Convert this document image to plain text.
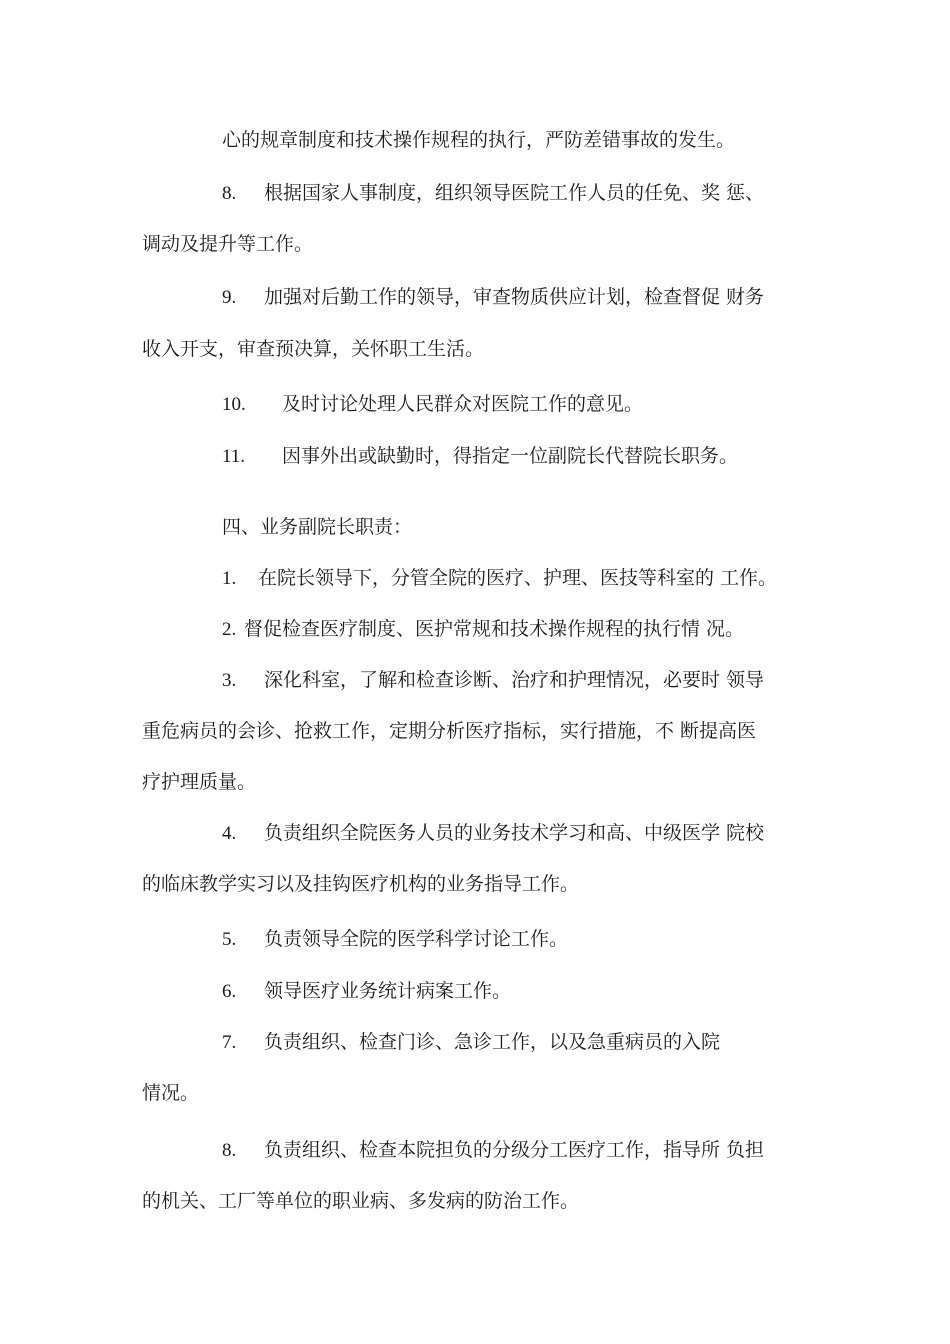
心的规章制度和技术操作规程的执行，严防差错事故的发生。
8. 根据国家人事制度，组织领导医院工作人员的任免、奖 惩、
调动及提升等工作。
9. 加强对后勤工作的领导，审查物质供应计划，检查督促 财务
收入开支，审查预决算，关怀职工生活。
10. 及时讨论处理人民群众对医院工作的意见。
11. 因事外出或缺勤时，得指定一位副院长代替院长职务。
四、业务副院长职责：
1. 在院长领导下，分管全院的医疗、护理、医技等科室的 工作。
2. 督促检查医疗制度、医护常规和技术操作规程的执行情 况。
3. 深化科室，了解和检查诊断、治疗和护理情况，必要时 领导
重危病员的会诊、抢救工作，定期分析医疗指标，实行措施，不 断提高医
疗护理质量。
4. 负责组织全院医务人员的业务技术学习和高、中级医学 院校
的临床教学实习以及挂钩医疗机构的业务指导工作。
5. 负责领导全院的医学科学讨论工作。
6. 领导医疗业务统计病案工作。
7. 负责组织、检查门诊、急诊工作，以及急重病员的入院
情况。
8. 负责组织、检查本院担负的分级分工医疗工作，指导所 负担
的机关、工厂等单位的职业病、多发病的防治工作。
